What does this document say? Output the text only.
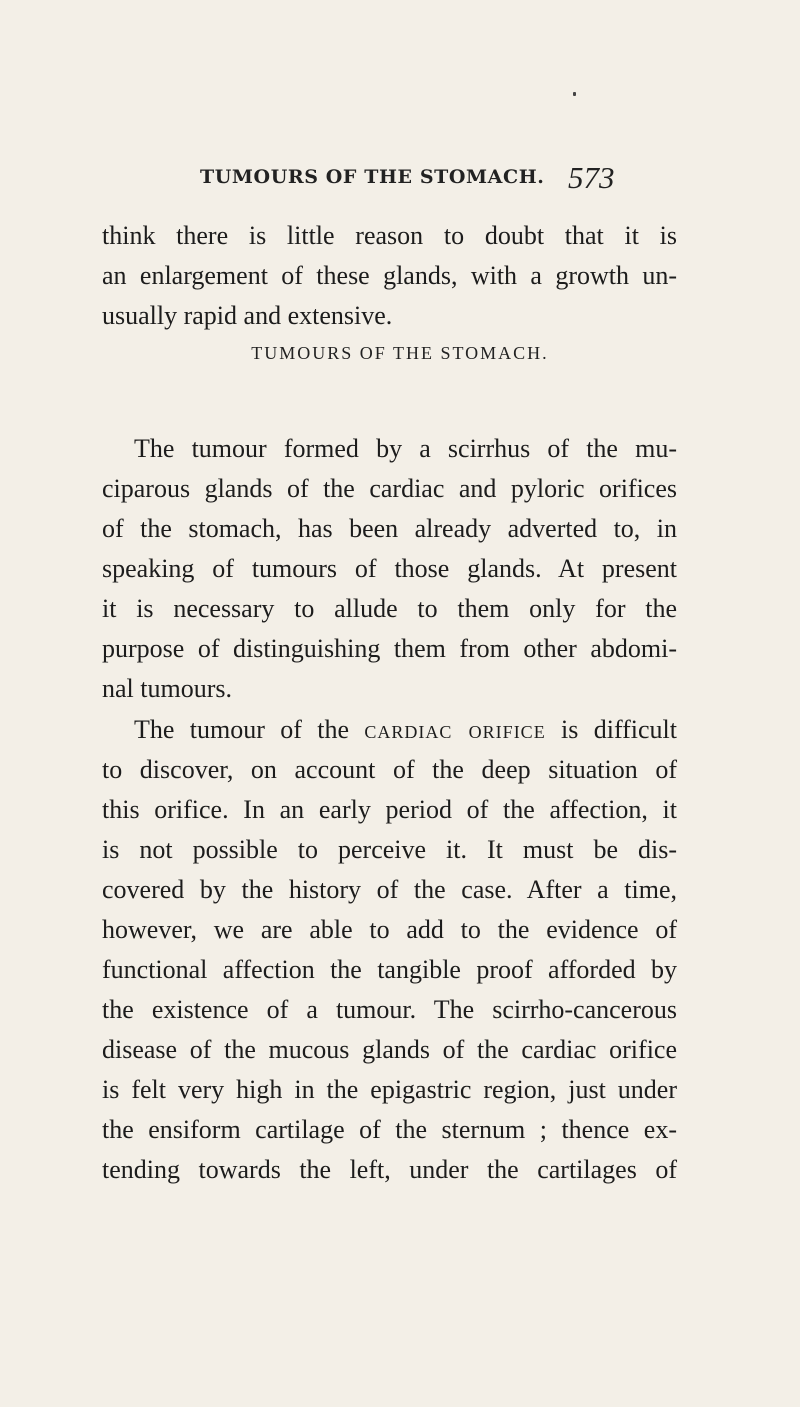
TUMOURS OF THE STOMACH. 573
think there is little reason to doubt that it is
an enlargement of these glands, with a growth un-
usually rapid and extensive.
TUMOURS OF THE STOMACH.
The tumour formed by a scirrhus of the mu-
ciparous glands of the cardiac and pyloric orifices
of the stomach, has been already adverted to, in
speaking of tumours of those glands. At present
it is necessary to allude to them only for the
purpose of distinguishing them from other abdomi-
nal tumours.
The tumour of the cardiac orifice is difficult
to discover, on account of the deep situation of
this orifice. In an early period of the affection, it
is not possible to perceive it. It must be dis-
covered by the history of the case. After a time,
however, we are able to add to the evidence of
functional affection the tangible proof afforded by
the existence of a tumour. The scirrho-cancerous
disease of the mucous glands of the cardiac orifice
is felt very high in the epigastric region, just under
the ensiform cartilage of the sternum ; thence ex-
tending towards the left, under the cartilages of
